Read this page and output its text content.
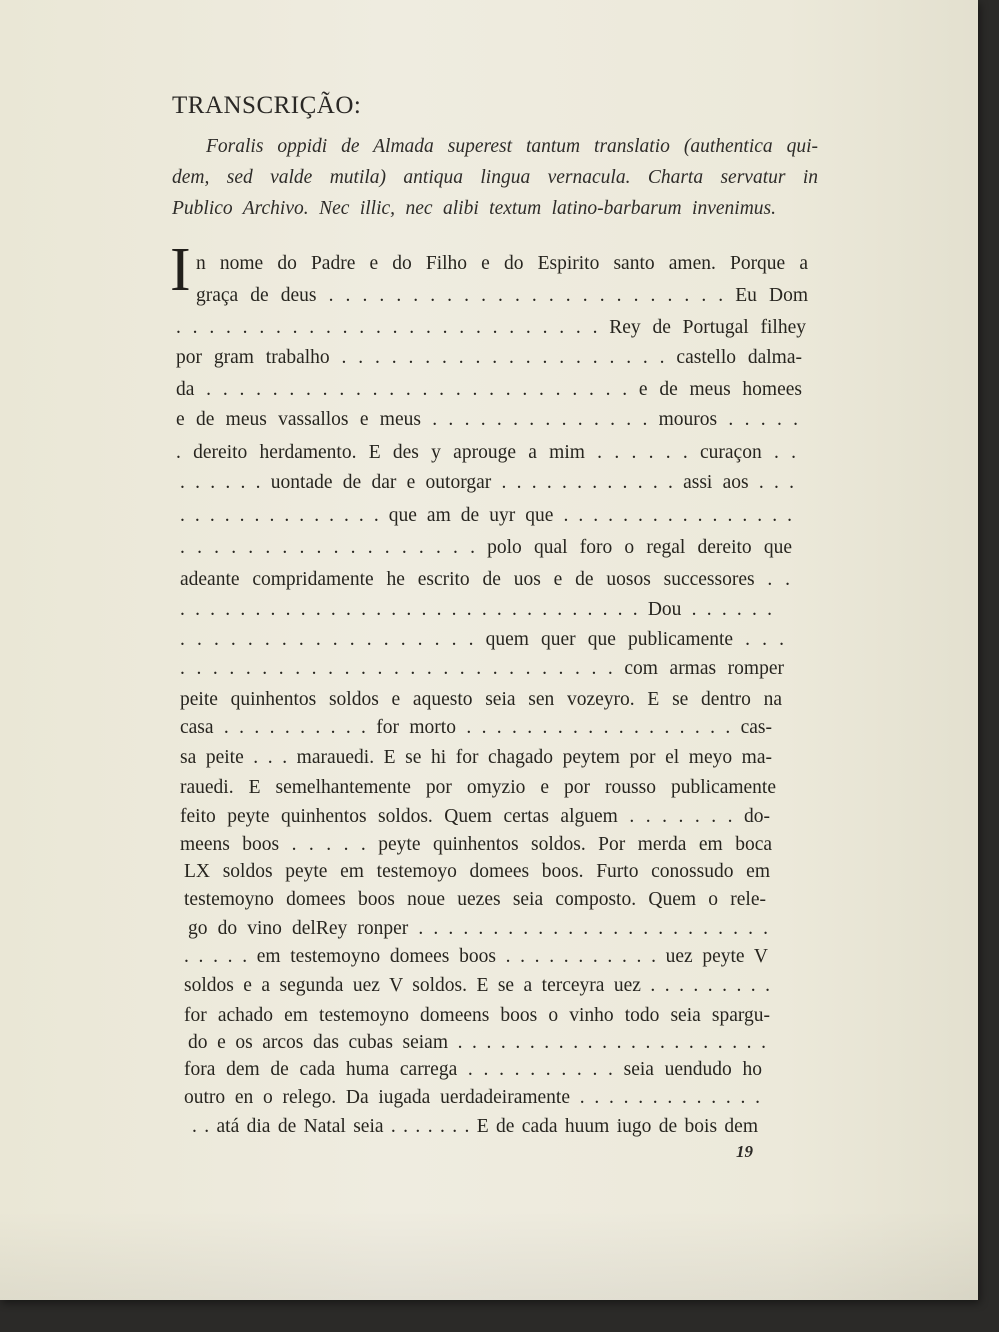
TRANSCRIÇÃO:
Foralis oppidi de Almada superest tantum translatio (authentica qui-
dem, sed valde mutila) antiqua lingua vernacula. Charta servatur in
Publico Archivo. Nec illic, nec alibi textum latino-barbarum invenimus.
I
19
n nome do Padre e do Filho e do Espirito santo amen. Porque a
graça de deus . . . . . . . . . . . . . . . . . . . . . . . . Eu Dom
. . . . . . . . . . . . . . . . . . . . . . . . . . Rey de Portugal filhey
por gram trabalho . . . . . . . . . . . . . . . . . . . . castello dalma-
da . . . . . . . . . . . . . . . . . . . . . . . . . . e de meus homees
e de meus vassallos e meus . . . . . . . . . . . . . . mouros . . . . .
. dereito herdamento. E des y aprouge a mim . . . . . . curaçon . .
. . . . . . uontade de dar e outorgar . . . . . . . . . . . . assi aos . . .
. . . . . . . . . . . . . . que am de uyr que . . . . . . . . . . . . . . . .
. . . . . . . . . . . . . . . . . . polo qual foro o regal dereito que
adeante compridamente he escrito de uos e de uosos successores . .
. . . . . . . . . . . . . . . . . . . . . . . . . . . . . . . Dou . . . . . .
. . . . . . . . . . . . . . . . . . quem quer que publicamente . . .
. . . . . . . . . . . . . . . . . . . . . . . . . . . com armas romper
peite quinhentos soldos e aquesto seia sen vozeyro. E se dentro na
casa . . . . . . . . . . for morto . . . . . . . . . . . . . . . . . . cas-
sa peite . . . marauedi. E se hi for chagado peytem por el meyo ma-
rauedi. E semelhantemente por omyzio e por rousso publicamente
feito peyte quinhentos soldos. Quem certas alguem . . . . . . . do-
meens boos . . . . . peyte quinhentos soldos. Por merda em boca
LX soldos peyte em testemoyo domees boos. Furto conossudo em
testemoyno domees boos noue uezes seia composto. Quem o rele-
go do vino delRey ronper . . . . . . . . . . . . . . . . . . . . . . . .
. . . . . em testemoyno domees boos . . . . . . . . . . . uez peyte V
soldos e a segunda uez V soldos. E se a terceyra uez . . . . . . . . .
for achado em testemoyno domeens boos o vinho todo seia spargu-
do e os arcos das cubas seiam . . . . . . . . . . . . . . . . . . . . . .
fora dem de cada huma carrega . . . . . . . . . . seia uendudo ho
outro en o relego. Da iugada uerdadeiramente . . . . . . . . . . . . .
. . atá dia de Natal seia . . . . . . . E de cada huum iugo de bois dem
